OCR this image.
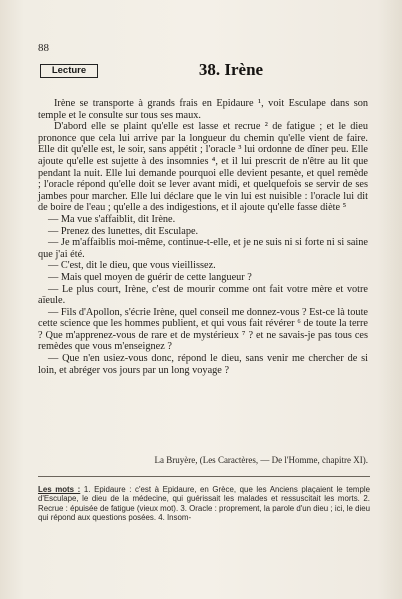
88
Lecture	38. Irène

Irène se transporte à grands frais en Epidaure ¹, voit Esculape dans son temple et le consulte sur tous ses maux.

D'abord elle se plaint qu'elle est lasse et recrue ² de fatigue ; et le dieu prononce que cela lui arrive par la longueur du chemin qu'elle vient de faire. Elle dit qu'elle est, le soir, sans appétit ; l'oracle ³ lui ordonne de dîner peu. Elle ajoute qu'elle est sujette à des insomnies ⁴, et il lui prescrit de n'être au lit que pendant la nuit. Elle lui demande pourquoi elle devient pesante, et quel remède ; l'oracle répond qu'elle doit se lever avant midi, et quelquefois se servir de ses jambes pour marcher. Elle lui déclare que le vin lui est nuisible : l'oracle lui dit de boire de l'eau ; qu'elle a des indigestions, et il ajoute qu'elle fasse diète ⁵

— Ma vue s'affaiblit, dit Irène.

— Prenez des lunettes, dit Esculape.

— Je m'affaiblis moi-même, continue-t-elle, et je ne suis ni si forte ni si saine que j'ai été.

— C'est, dit le dieu, que vous vieillissez.

— Mais quel moyen de guérir de cette langueur ?

— Le plus court, Irène, c'est de mourir comme ont fait votre mère et votre aïeule.

— Fils d'Apollon, s'écrie Irène, quel conseil me donnez-vous ? Est-ce là toute cette science que les hommes publient, et qui vous fait révérer ⁶ de toute la terre ? Que m'apprenez-vous de rare et de mystérieux ⁷ ? et ne savais-je pas tous ces remèdes que vous m'enseignez ?

— Que n'en usiez-vous donc, répond le dieu, sans venir me chercher de si loin, et abréger vos jours par un long voyage ?

La Bruyère, (Les Caractères, — De l'Homme, chapitre XI).
Les mots : 1. Epidaure : c'est à Epidaure, en Grèce, que les Anciens plaçaient le temple d'Esculape, le dieu de la médecine, qui guérissait les malades et ressuscitait les morts. 2. Recrue : épuisée de fatigue (vieux mot). 3. Oracle : proprement, la parole d'un dieu ; ici, le dieu qui répond aux questions posées. 4. Insom-
